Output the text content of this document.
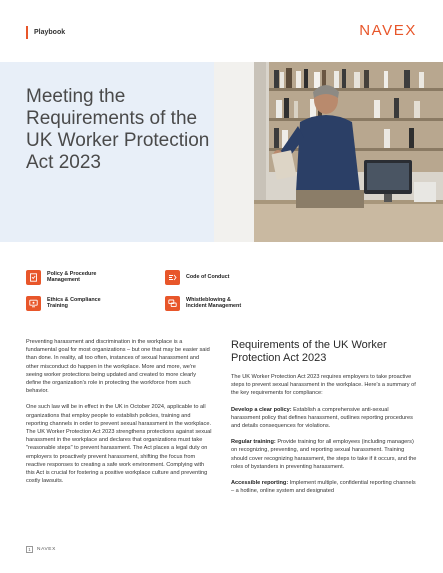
Playbook	NAVEX
Meeting the Requirements of the UK Worker Protection Act 2023
Policy & Procedure
Management
Code of Conduct
Ethics & Compliance
Training
Whistleblowing &
Incident Management

Preventing harassment and discrimination in the workplace is a fundamental goal for most organizations – but one that may be easier said than done. In reality, all too often, instances of sexual harassment and other misconduct do happen in the workplace. More and more, we're seeing worker protections being updated and created to more clearly define the organization's role in protecting the workforce from such behavior.

One such law will be in effect in the UK in October 2024, applicable to all organizations that employ people to establish policies, training and reporting channels in order to prevent sexual harassment in the workplace. The UK Worker Protection Act 2023 strengthens protections against sexual harassment in the workplace and declares that organizations must take "reasonable steps" to prevent harassment. The Act places a legal duty on employers to proactively prevent harassment, shifting the focus from reactive responses to creating a safe work environment. Complying with this Act is crucial for fostering a positive workplace culture and preventing costly lawsuits.

Requirements of the UK Worker Protection Act 2023

The UK Worker Protection Act 2023 requires employers to take proactive steps to prevent sexual harassment in the workplace. Here's a summary of the key requirements for compliance:

Develop a clear policy: Establish a comprehensive anti-sexual harassment policy that defines harassment, outlines reporting procedures and details consequences for violations.

Regular training: Provide training for all employees (including managers) on recognizing, preventing, and reporting sexual harassment. Training should cover recognizing harassment, the steps to take if it occurs, and the roles of bystanders in preventing harassment.

Accessible reporting: Implement multiple, confidential reporting channels – a hotline, online system and designated

1	NAVEX
